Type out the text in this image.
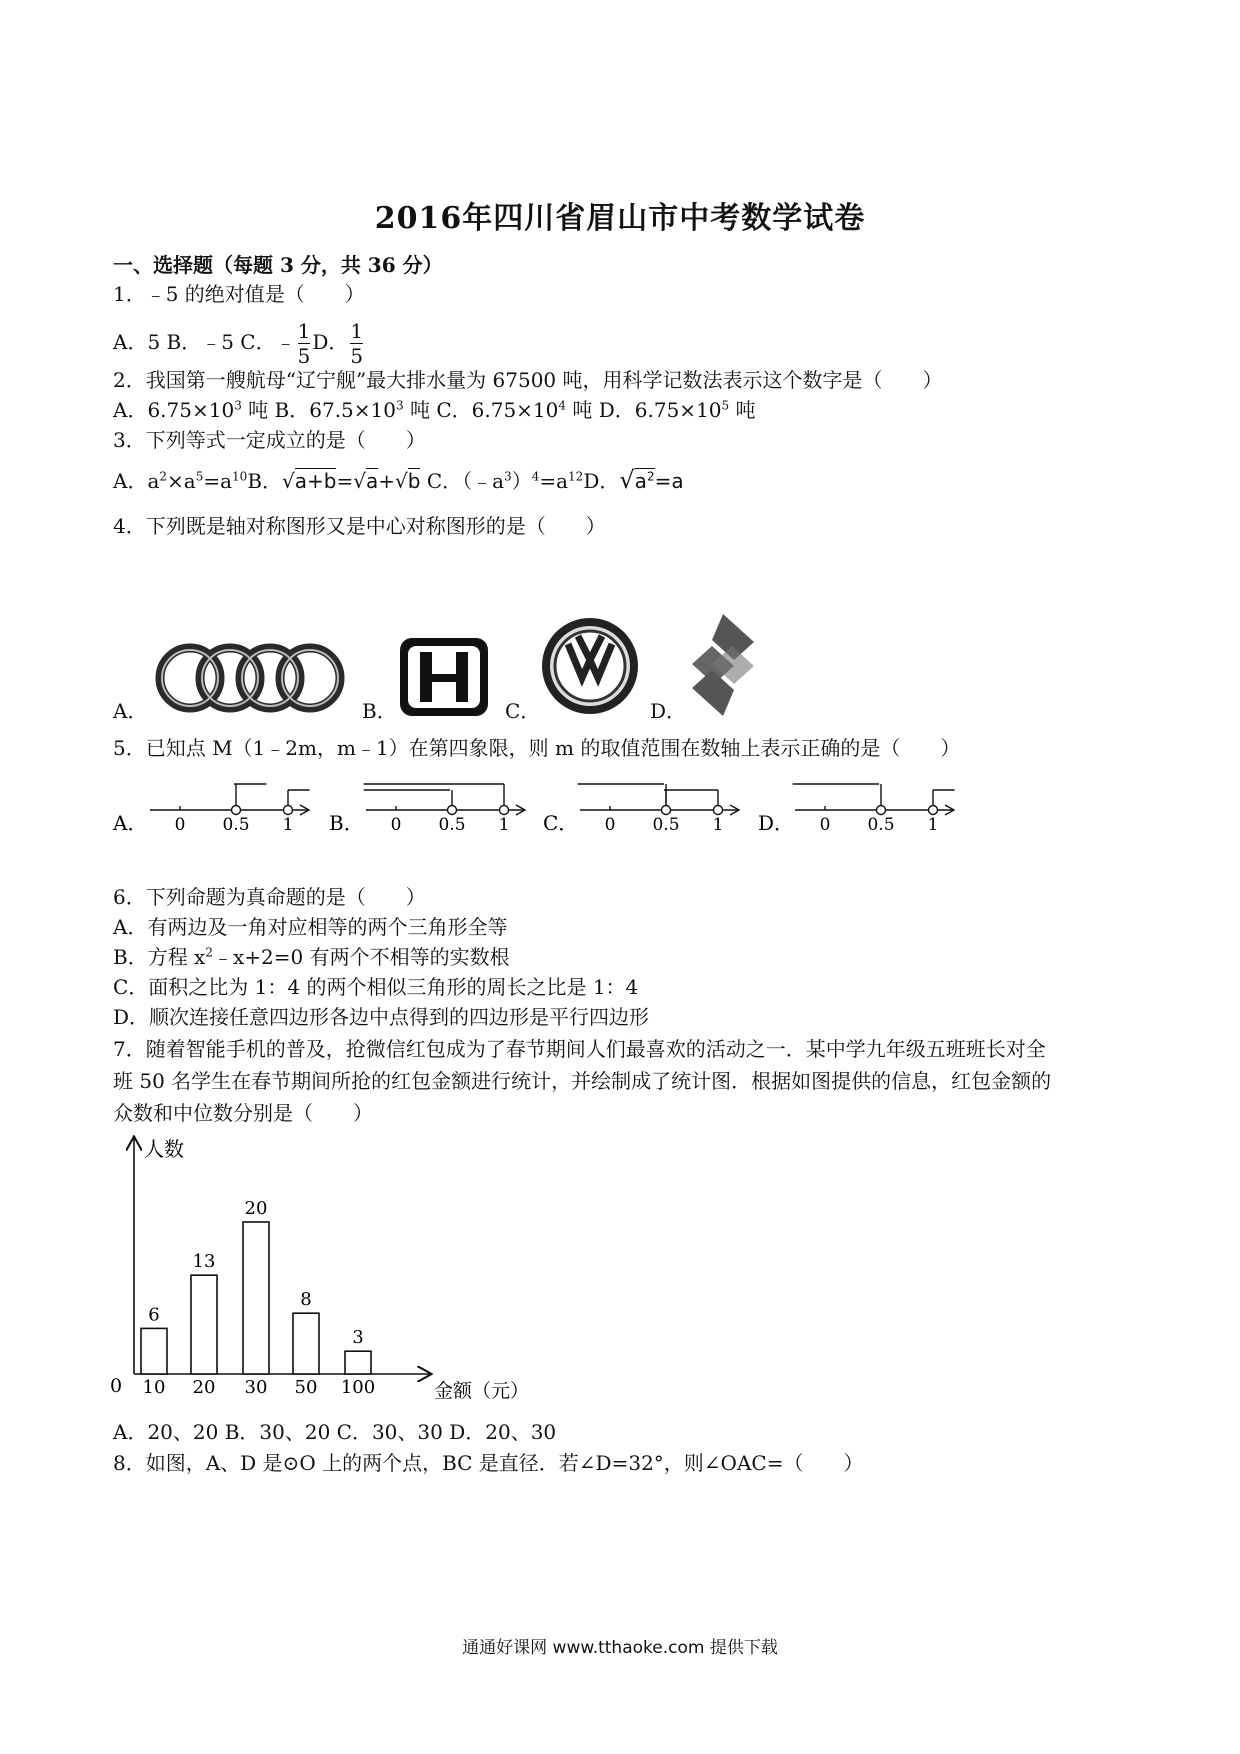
2016年四川省眉山市中考数学试卷
一、选择题（每题 3 分，共 36 分）
1．﹣5 的绝对值是（　　）
A．5 B．﹣5 C．﹣ $\frac{1}{5}$ D． $\frac{1}{5}$
2．我国第一艘航母“辽宁舰”最大排水量为 67500 吨，用科学记数法表示这个数字是（　　）
A．$6.75\times 10^3$ 吨 B．$67.5\times 10^3$ 吨 C．$6.75\times 10^4$ 吨 D．$6.75\times 10^5$ 吨
3．下列等式一定成立的是（　　）
A．$a^2\times a^5=a^{10}B$．√a+b=√a+√b C．$(﹣a^3)^4=a^{12}D$．$√a^2=a$
4．下列既是轴对称图形又是中心对称图形的是（　　）
A．	B．	C．	D．
5．已知点 M（1﹣2m，m﹣1）在第四象限，则 m 的取值范围在数轴上表示正确的是（　　）
A． 0 0.5 1 B． 0 0.5 1 C． 0 0.5 1 D． 0 0.5 1
6．下列命题为真命题的是（　　）
A．有两边及一角对应相等的两个三角形全等
B．方程 $x^2﹣x+2=0$ 有两个不相等的实数根
C．面积之比为 1：4 的两个相似三角形的周长之比是 1：4
D．顺次连接任意四边形各边中点得到的四边形是平行四边形
7．随着智能手机的普及，抢微信红包成为了春节期间人们最喜欢的活动之一．某中学九年级五班班长对全
班 50 名学生在春节期间所抢的红包金额进行统计，并绘制成了统计图．根据如图提供的信息，红包金额的
众数和中位数分别是（　　）
人数
金额（元）
0
6
10
13
20
20
30
8
50
3
100
A．20、20 B．30、20 C．30、30 D．20、30
8．如图，A、D 是⊙O 上的两个点，BC 是直径．若∠D=32°，则∠OAC=（　　）
通通好课网 www.tthaoke.com 提供下载
